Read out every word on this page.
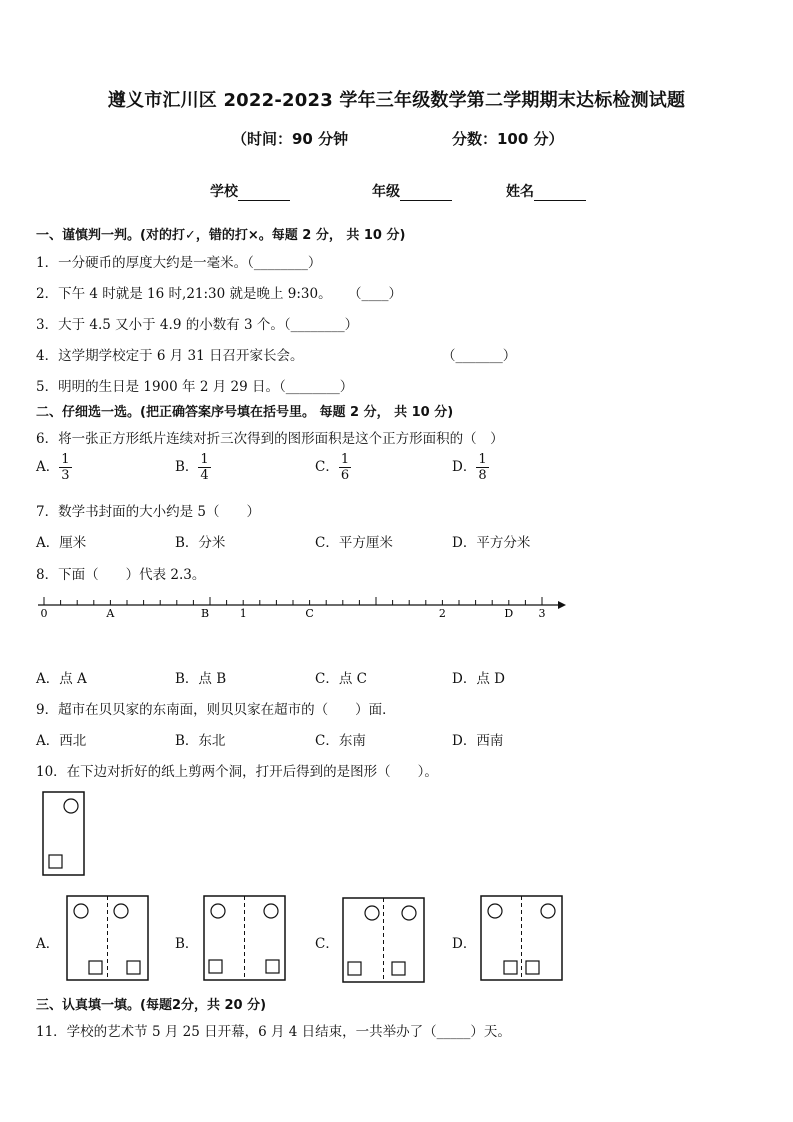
遵义市汇川区 2022-2023 学年三年级数学第二学期期末达标检测试题
（时间：90 分钟	分数：100 分）
学校	年级	姓名
一、谨慎判一判。(对的打✓，错的打×。每题 2 分， 共 10 分)
1．一分硬币的厚度大约是一毫米。（________）
2．下午 4 时就是 16 时,21:30 就是晚上 9:30。 （____）
3．大于 4.5 又小于 4.9 的小数有 3 个。（________）
4．这学期学校定于 6 月 31 日召开家长会。	（_______）
5．明明的生日是 1900 年 2 月 29 日。（________）
二、仔细选一选。(把正确答案序号填在括号里。 每题 2 分， 共 10 分)
6．将一张正方形纸片连续对折三次得到的图形面积是这个正方形面积的（　）
A． $\frac{1}{3}$	B． $\frac{1}{4}$	C． $\frac{1}{6}$	D． $\frac{1}{8}$
7．数学书封面的大小约是 5（　　）
A．厘米	B．分米	C．平方厘米	D．平方分米
8．下面（　　）代表 2.3。
0	A	B	1	C	2	D 3
A．点 A	B．点 B	C．点 C	D．点 D
9．超市在贝贝家的东南面，则贝贝家在超市的（　　）面．
A．西北	B．东北	C．东南	D．西南
10．在下边对折好的纸上剪两个洞，打开后得到的是图形（　　）。
A．	B．	C．	D．
三、认真填一填。(每题2分，共 20 分)
11．学校的艺术节 5 月 25 日开幕，6 月 4 日结束，一共举办了（_____）天。
